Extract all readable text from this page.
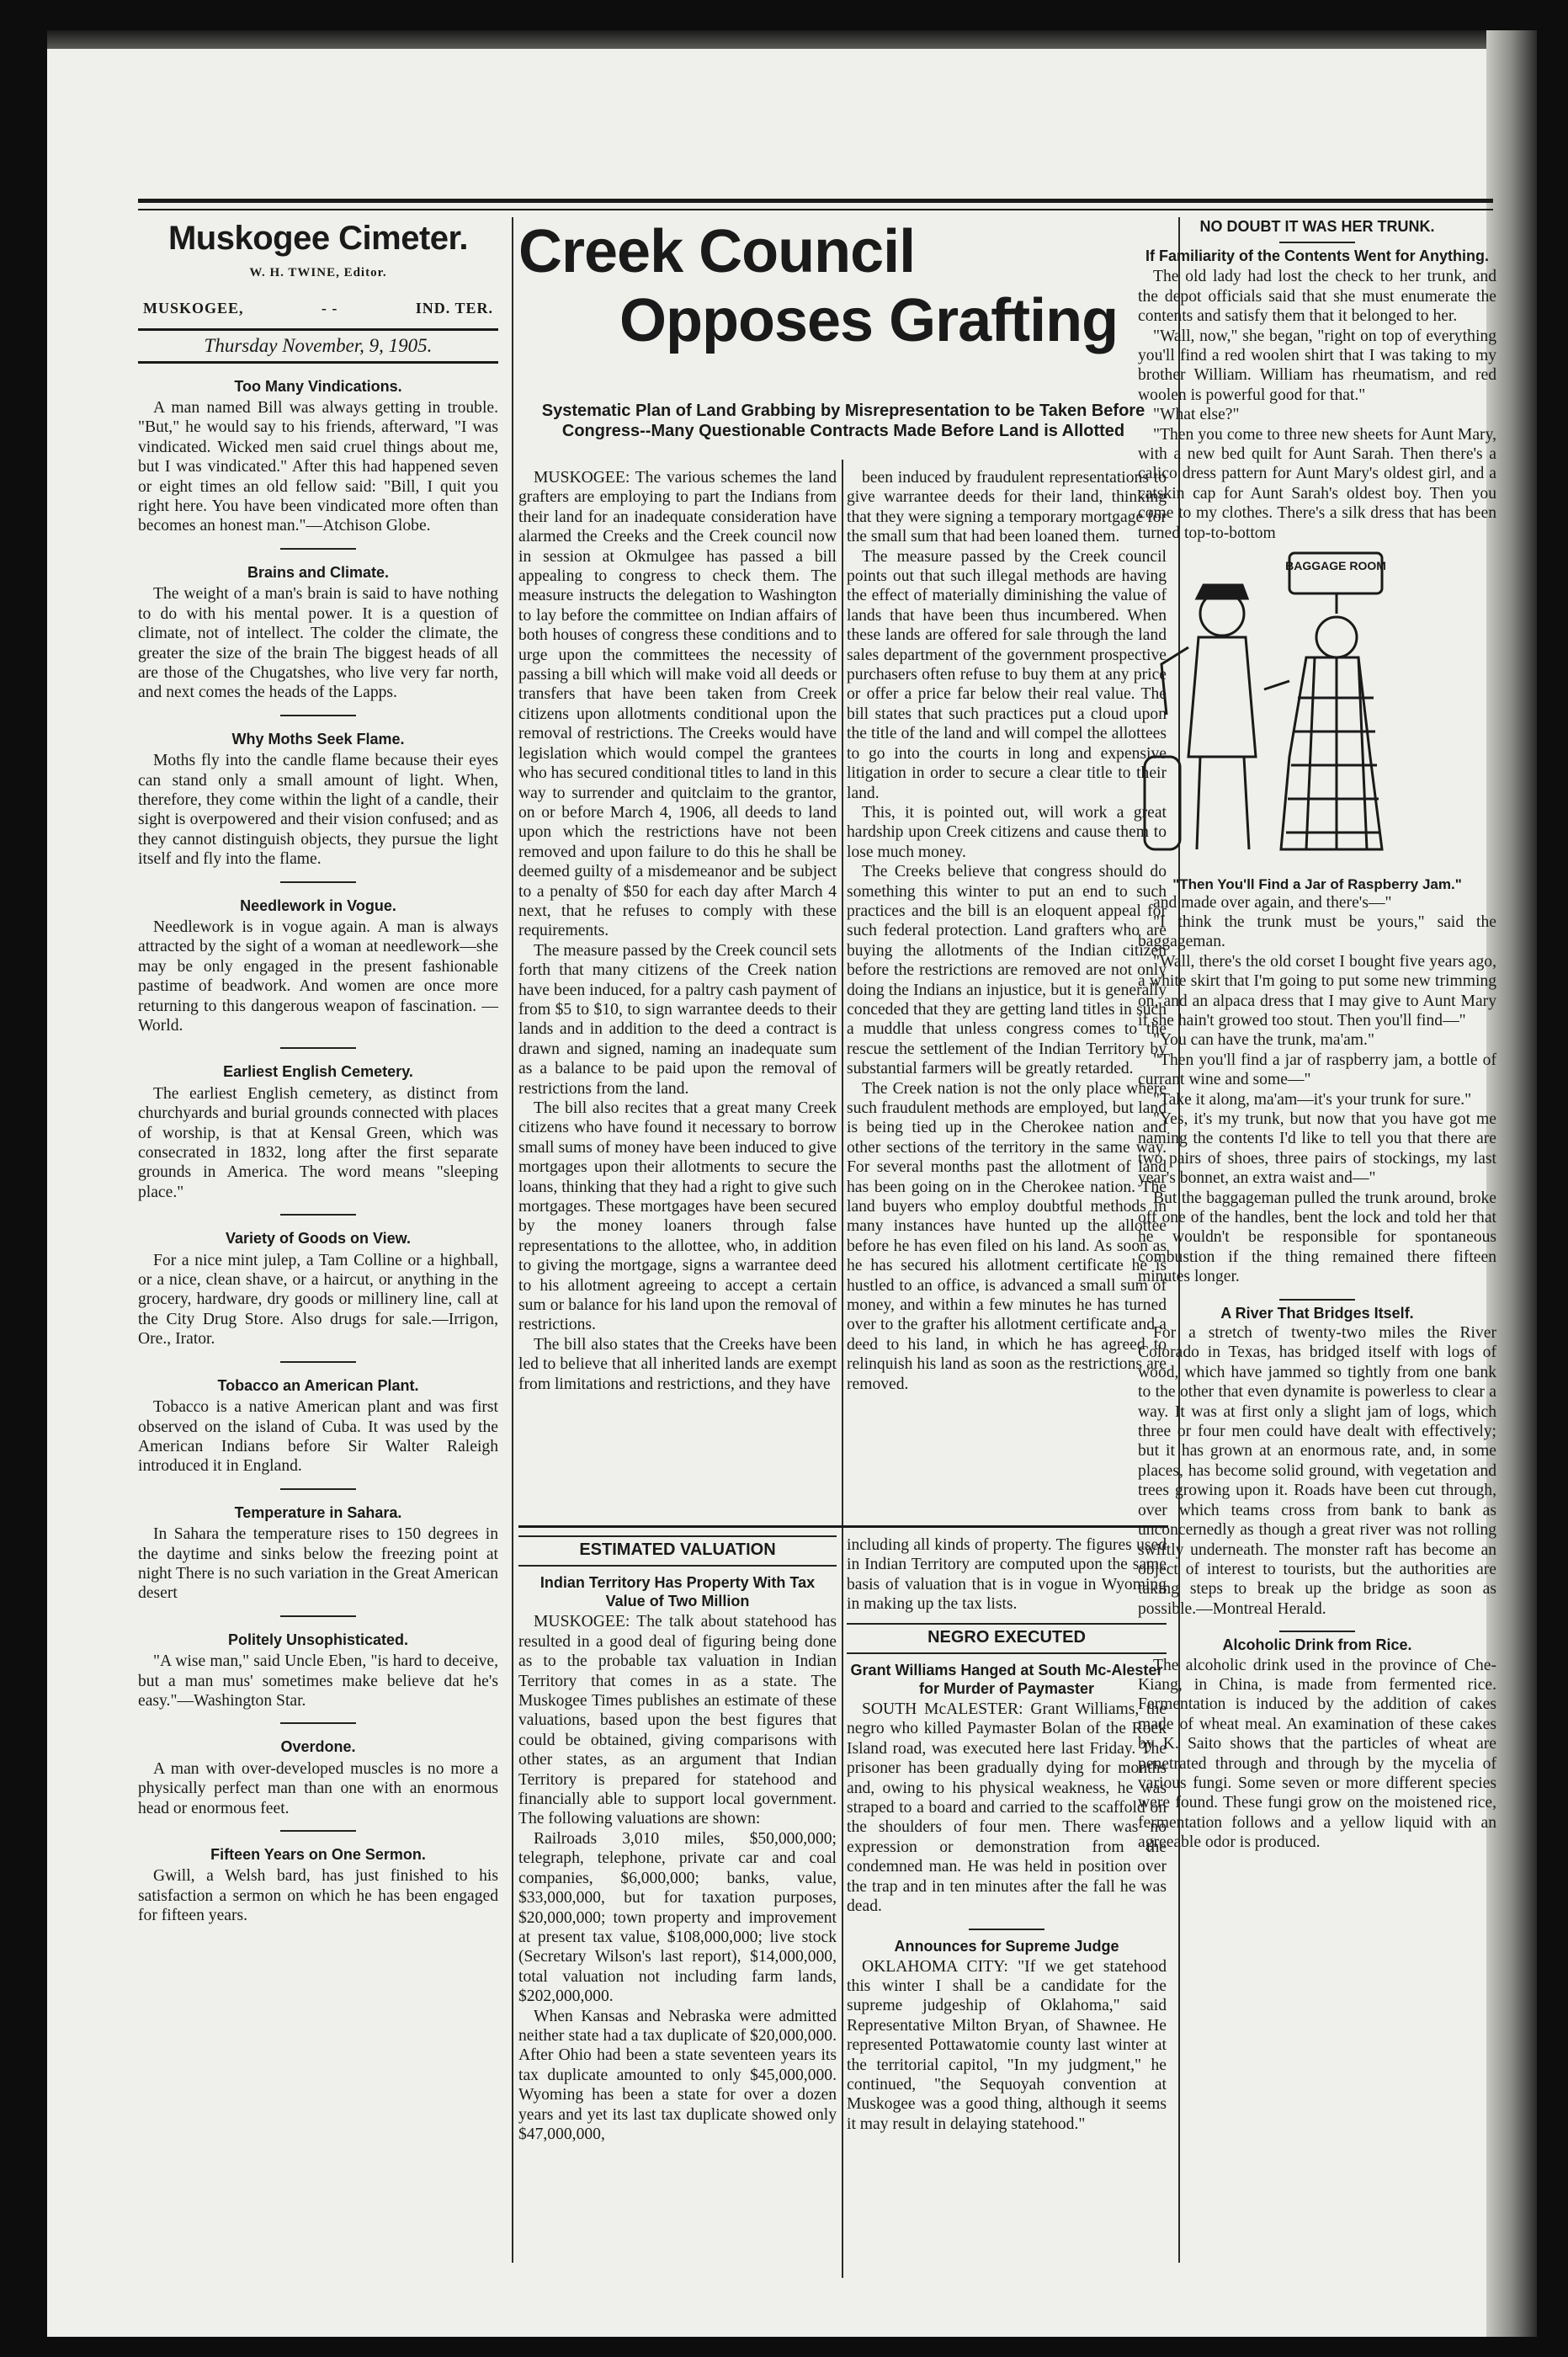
Muskogee Cimeter.
W. H. TWINE, Editor.
MUSKOGEE,	- -	IND. TER.
Thursday November, 9, 1905.
Too Many Vindications.

A man named Bill was always getting in trouble. "But," he would say to his friends, afterward, "I was vindicated. Wicked men said cruel things about me, but I was vindicated." After this had happened seven or eight times an old fellow said: "Bill, I quit you right here. You have been vindicated more often than becomes an honest man."—Atchison Globe.

Brains and Climate.

The weight of a man's brain is said to have nothing to do with his mental power. It is a question of climate, not of intellect. The colder the climate, the greater the size of the brain The biggest heads of all are those of the Chugatshes, who live very far north, and next comes the heads of the Lapps.

Why Moths Seek Flame.

Moths fly into the candle flame because their eyes can stand only a small amount of light. When, therefore, they come within the light of a candle, their sight is overpowered and their vision confused; and as they cannot distinguish objects, they pursue the light itself and fly into the flame.

Needlework in Vogue.

Needlework is in vogue again. A man is always attracted by the sight of a woman at needlework—she may be only engaged in the present fashionable pastime of beadwork. And women are once more returning to this dangerous weapon of fascination. —World.

Earliest English Cemetery.

The earliest English cemetery, as distinct from churchyards and burial grounds connected with places of worship, is that at Kensal Green, which was consecrated in 1832, long after the first separate grounds in America. The word means "sleeping place."

Variety of Goods on View.

For a nice mint julep, a Tam Colline or a highball, or a nice, clean shave, or a haircut, or anything in the grocery, hardware, dry goods or millinery line, call at the City Drug Store. Also drugs for sale.—Irrigon, Ore., Irator.

Tobacco an American Plant.

Tobacco is a native American plant and was first observed on the island of Cuba. It was used by the American Indians before Sir Walter Raleigh introduced it in England.

Temperature in Sahara.

In Sahara the temperature rises to 150 degrees in the daytime and sinks below the freezing point at night There is no such variation in the Great American desert

Politely Unsophisticated.

"A wise man," said Uncle Eben, "is hard to deceive, but a man mus' sometimes make believe dat he's easy."—Washington Star.

Overdone.

A man with over-developed muscles is no more a physically perfect man than one with an enormous head or enormous feet.

Fifteen Years on One Sermon.

Gwill, a Welsh bard, has just finished to his satisfaction a sermon on which he has been engaged for fifteen years.

Creek Council
Opposes Grafting
Systematic Plan of Land Grabbing by Misrepresentation to be Taken Before Congress--Many Questionable Contracts Made Before Land is Allotted

MUSKOGEE: The various schemes the land grafters are employing to part the Indians from their land for an inadequate consideration have alarmed the Creeks and the Creek council now in session at Okmulgee has passed a bill appealing to congress to check them. The measure instructs the delegation to Washington to lay before the committee on Indian affairs of both houses of congress these conditions and to urge upon the committees the necessity of passing a bill which will make void all deeds or transfers that have been taken from Creek citizens upon allotments conditional upon the removal of restrictions. The Creeks would have legislation which would compel the grantees who has secured conditional titles to land in this way to surrender and quitclaim to the grantor, on or before March 4, 1906, all deeds to land upon which the restrictions have not been removed and upon failure to do this he shall be deemed guilty of a misdemeanor and be subject to a penalty of $50 for each day after March 4 next, that he refuses to comply with these requirements.

The measure passed by the Creek council sets forth that many citizens of the Creek nation have been induced, for a paltry cash payment of from $5 to $10, to sign warrantee deeds to their lands and in addition to the deed a contract is drawn and signed, naming an inadequate sum as a balance to be paid upon the removal of restrictions from the land.

The bill also recites that a great many Creek citizens who have found it necessary to borrow small sums of money have been induced to give mortgages upon their allotments to secure the loans, thinking that they had a right to give such mortgages. These mortgages have been secured by the money loaners through false representations to the allottee, who, in addition to giving the mortgage, signs a warrantee deed to his allotment agreeing to accept a certain sum or balance for his land upon the removal of restrictions.

The bill also states that the Creeks have been led to believe that all inherited lands are exempt from limitations and restrictions, and they have

been induced by fraudulent representations to give warrantee deeds for their land, thinking that they were signing a temporary mortgage for the small sum that had been loaned them.

The measure passed by the Creek council points out that such illegal methods are having the effect of materially diminishing the value of lands that have been thus incumbered. When these lands are offered for sale through the land sales department of the government prospective purchasers often refuse to buy them at any price or offer a price far below their real value. The bill states that such practices put a cloud upon the title of the land and will compel the allottees to go into the courts in long and expensive litigation in order to secure a clear title to their land.

This, it is pointed out, will work a great hardship upon Creek citizens and cause them to lose much money.

The Creeks believe that congress should do something this winter to put an end to such practices and the bill is an eloquent appeal for such federal protection. Land grafters who are buying the allotments of the Indian citizen before the restrictions are removed are not only doing the Indians an injustice, but it is generally conceded that they are getting land titles in such a muddle that unless congress comes to the rescue the settlement of the Indian Territory by substantial farmers will be greatly retarded.

The Creek nation is not the only place where such fraudulent methods are employed, but land is being tied up in the Cherokee nation and other sections of the territory in the same way. For several months past the allotment of land has been going on in the Cherokee nation. The land buyers who employ doubtful methods in many instances have hunted up the allottee before he has even filed on his land. As soon as he has secured his allotment certificate he is hustled to an office, is advanced a small sum of money, and within a few minutes he has turned over to the grafter his allotment certificate and a deed to his land, in which he has agreed to relinquish his land as soon as the restrictions are removed.

ESTIMATED VALUATION
Indian Territory Has Property With Tax Value of Two Million

MUSKOGEE: The talk about statehood has resulted in a good deal of figuring being done as to the probable tax valuation in Indian Territory that comes in as a state. The Muskogee Times publishes an estimate of these valuations, based upon the best figures that could be obtained, giving comparisons with other states, as an argument that Indian Territory is prepared for statehood and financially able to support local government. The following valuations are shown:

Railroads 3,010 miles, $50,000,000; telegraph, telephone, private car and coal companies, $6,000,000; banks, value, $33,000,000, but for taxation purposes, $20,000,000; town property and improvement at present tax value, $108,000,000; live stock (Secretary Wilson's last report), $14,000,000, total valuation not including farm lands, $202,000,000.

When Kansas and Nebraska were admitted neither state had a tax duplicate of $20,000,000. After Ohio had been a state seventeen years its tax duplicate amounted to only $45,000,000. Wyoming has been a state for over a dozen years and yet its last tax duplicate showed only $47,000,000,

including all kinds of property. The figures used in Indian Territory are computed upon the same basis of valuation that is in vogue in Wyoming in making up the tax lists.

NEGRO EXECUTED
Grant Williams Hanged at South Mc-Alester for Murder of Paymaster

SOUTH McALESTER: Grant Williams, the negro who killed Paymaster Bolan of the Rock Island road, was executed here last Friday. The prisoner has been gradually dying for months and, owing to his physical weakness, he was straped to a board and carried to the scaffold on the shoulders of four men. There was no expression or demonstration from the condemned man. He was held in position over the trap and in ten minutes after the fall he was dead.

Announces for Supreme Judge

OKLAHOMA CITY: "If we get statehood this winter I shall be a candidate for the supreme judgeship of Oklahoma," said Representative Milton Bryan, of Shawnee. He represented Pottawatomie county last winter at the territorial capitol, "In my judgment," he continued, "the Sequoyah convention at Muskogee was a good thing, although it seems it may result in delaying statehood."

NO DOUBT IT WAS HER TRUNK.
If Familiarity of the Contents Went for Anything.

The old lady had lost the check to her trunk, and the depot officials said that she must enumerate the contents and satisfy them that it belonged to her.

"Wall, now," she began, "right on top of everything you'll find a red woolen shirt that I was taking to my brother William. William has rheumatism, and red woolen is powerful good for that."

"What else?"

"Then you come to three new sheets for Aunt Mary, with a new bed quilt for Aunt Sarah. Then there's a calico dress pattern for Aunt Mary's oldest girl, and a catskin cap for Aunt Sarah's oldest boy. Then you come to my clothes. There's a silk dress that has been turned top-to-bottom

BAGGAGE ROOM
"Then You'll Find a Jar of Raspberry Jam."

and made over again, and there's—"

"I think the trunk must be yours," said the baggageman.

"Wall, there's the old corset I bought five years ago, a white skirt that I'm going to put some new trimming on, and an alpaca dress that I may give to Aunt Mary if she hain't growed too stout. Then you'll find—"

"You can have the trunk, ma'am."

"Then you'll find a jar of raspberry jam, a bottle of currant wine and some—"

"Take it along, ma'am—it's your trunk for sure."

"Yes, it's my trunk, but now that you have got me naming the contents I'd like to tell you that there are two pairs of shoes, three pairs of stockings, my last year's bonnet, an extra waist and—"

But the baggageman pulled the trunk around, broke off one of the handles, bent the lock and told her that he wouldn't be responsible for spontaneous combustion if the thing remained there fifteen minutes longer.

A River That Bridges Itself.

For a stretch of twenty-two miles the River Colorado in Texas, has bridged itself with logs of wood, which have jammed so tightly from one bank to the other that even dynamite is powerless to clear a way. It was at first only a slight jam of logs, which three or four men could have dealt with effectively; but it has grown at an enormous rate, and, in some places, has become solid ground, with vegetation and trees growing upon it. Roads have been cut through, over which teams cross from bank to bank as unconcernedly as though a great river was not rolling swiftly underneath. The monster raft has become an object of interest to tourists, but the authorities are taking steps to break up the bridge as soon as possible.—Montreal Herald.

Alcoholic Drink from Rice.

The alcoholic drink used in the province of Che-Kiang, in China, is made from fermented rice. Fermentation is induced by the addition of cakes made of wheat meal. An examination of these cakes by K. Saito shows that the particles of wheat are penetrated through and through by the mycelia of various fungi. Some seven or more different species were found. These fungi grow on the moistened rice, fermentation follows and a yellow liquid with an agreeable odor is produced.
